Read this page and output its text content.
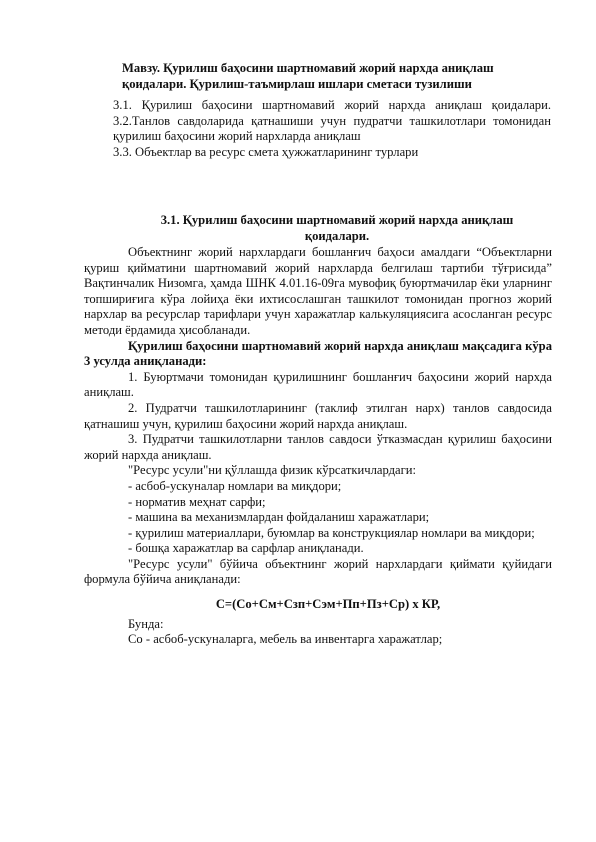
Мавзу. Қурилиш баҳосини шартномавий жорий нархда аниқлаш
қоидалари. Қурилиш-таъмирлаш ишлари сметаси тузилиши

3.1. Қурилиш баҳосини шартномавий жорий нархда аниқлаш қоидалари.

3.2.Танлов савдоларида қатнашиши учун пудратчи ташкилотлари томонидан қурилиш баҳосини жорий нархларда аниқлаш

3.3. Объектлар ва ресурс смета ҳужжатларининг турлари

3.1. Қурилиш баҳосини шартномавий жорий нархда аниқлаш қоидалари.

Объектнинг жорий нархлардаги бошланғич баҳоси амалдаги “Объектларни қуриш қийматини шартномавий жорий нархларда белгилаш тартиби тўғрисида” Вақтинчалик Низомга, ҳамда ШНК 4.01.16-09га мувофиқ буюртмачилар ёки уларнинг топшириғига кўра лойиҳа ёки ихтисослашган ташкилот томонидан прогноз жорий нархлар ва ресурслар тарифлари учун харажатлар калькуляциясига асосланган ресурс методи ёрдамида ҳисобланади.

Қурилиш баҳосини шартномавий жорий нархда аниқлаш мақсадига кўра 3 усулда аниқланади:

1. Буюртмачи томонидан қурилишнинг бошланғич баҳосини жорий нархда аниқлаш.

2. Пудратчи ташкилотларининг (таклиф этилган нарх) танлов савдосида қатнашиш учун, қурилиш баҳосини жорий нархда аниқлаш.

3. Пудратчи ташкилотларни танлов савдоси ўтказмасдан қурилиш баҳосини жорий нархда аниқлаш.

"Ресурс усули"ни қўллашда физик кўрсаткичлардаги:

- асбоб-ускуналар номлари ва миқдори;

- норматив меҳнат сарфи;

- машина ва механизмлардан фойдаланиш харажатлари;

- қурилиш материаллари, буюмлар ва конструкциялар номлари ва миқдори;

- бошқа харажатлар ва сарфлар аниқланади.

"Ресурс усули" бўйича объектнинг жорий нархлардаги қиймати қуйидаги формула бўйича аниқланади:

С=(Со+См+Сзп+Сэм+Пп+Пз+Ср) х КР,

Бунда:

Со - асбоб-ускуналарга, мебель ва инвентарга харажатлар;
